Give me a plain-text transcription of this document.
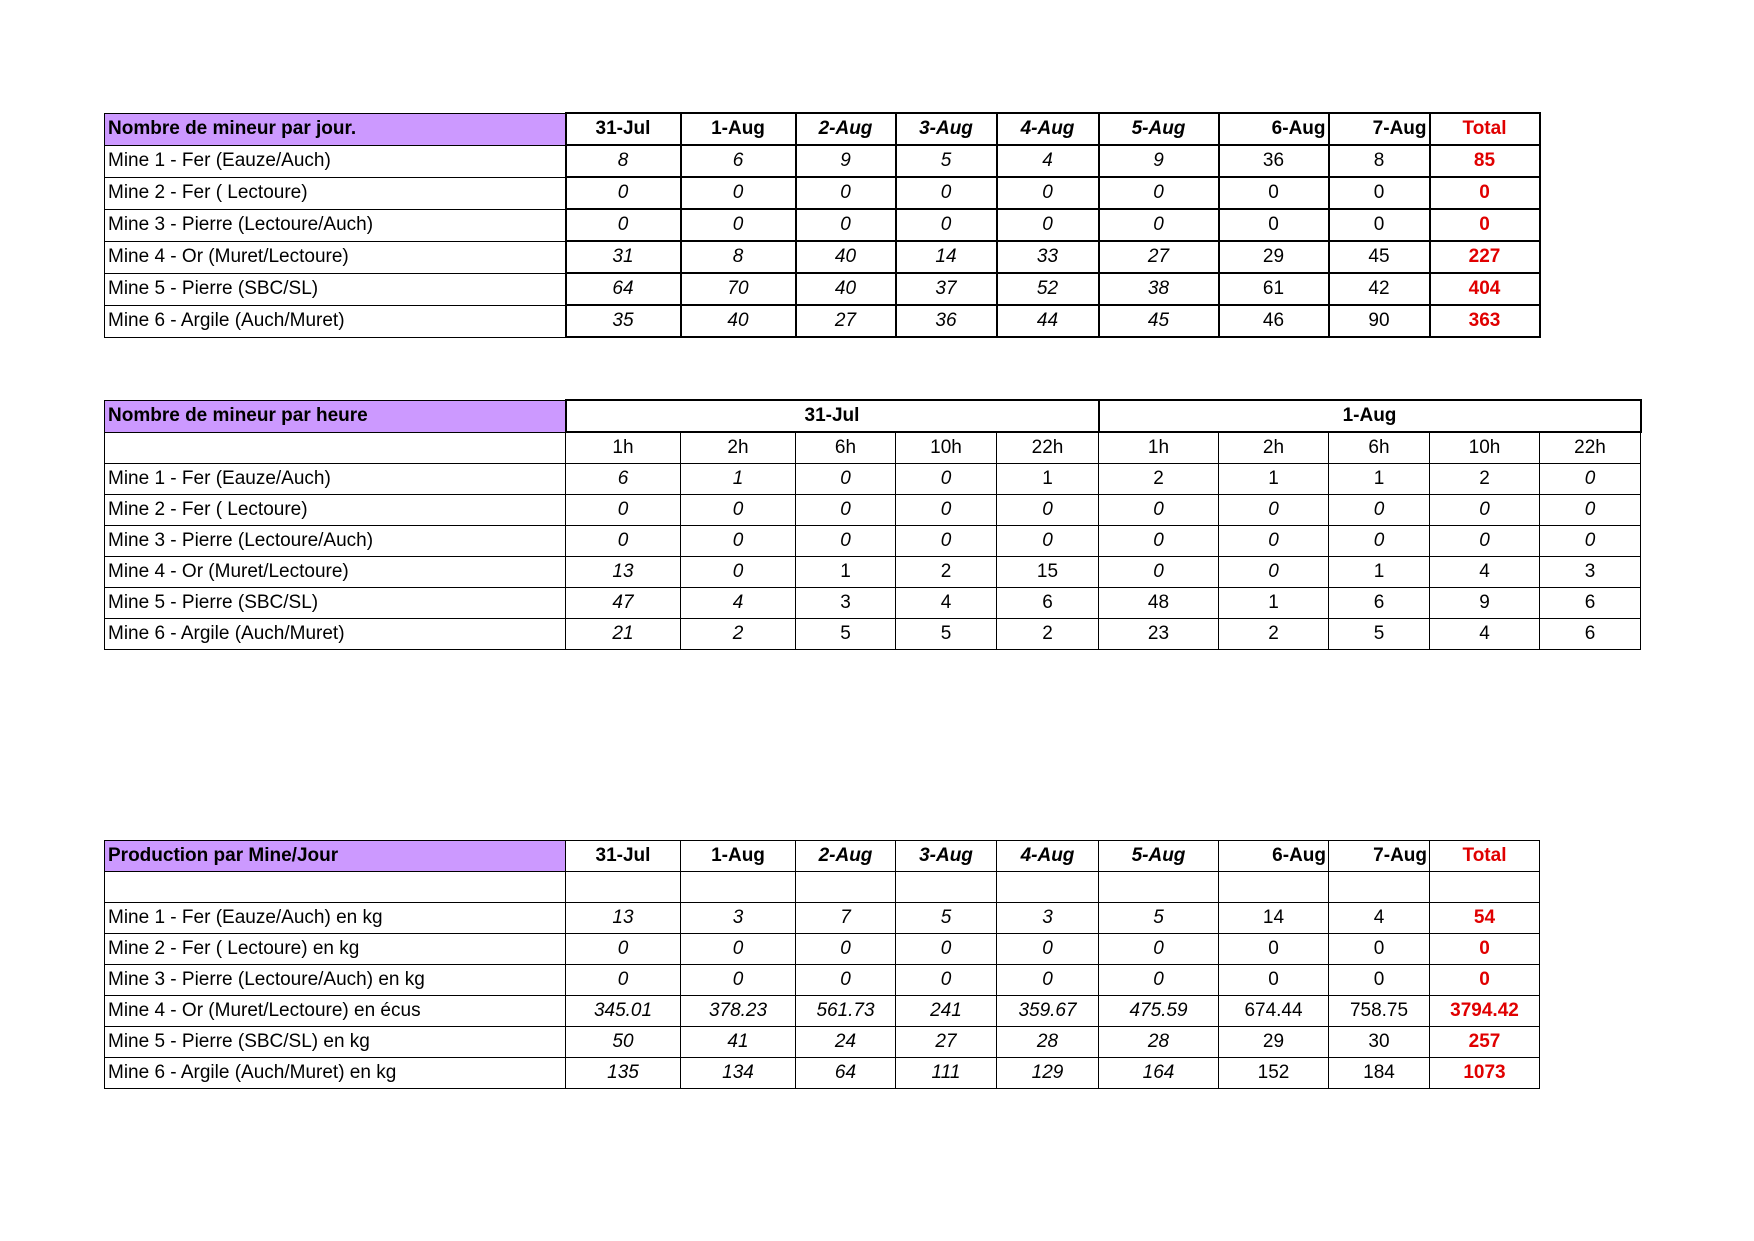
Nombre de mineur par jour.	31-Jul	1-Aug	2-Aug	3-Aug	4-Aug	5-Aug	6-Aug	7-Aug	Total
Mine 1 - Fer (Eauze/Auch)	8	6	9	5	4	9	36	8	85
Mine 2 - Fer ( Lectoure)	0	0	0	0	0	0	0	0	0
Mine 3 - Pierre (Lectoure/Auch)	0	0	0	0	0	0	0	0	0
Mine 4 - Or (Muret/Lectoure)	31	8	40	14	33	27	29	45	227
Mine 5 - Pierre (SBC/SL)	64	70	40	37	52	38	61	42	404
Mine 6 - Argile (Auch/Muret)	35	40	27	36	44	45	46	90	363
Nombre de mineur par heure	31-Jul					1-Aug				
	1h	2h	6h	10h	22h	1h	2h	6h	10h	22h
Mine 1 - Fer (Eauze/Auch)	6	1	0	0	1	2	1	1	2	0
Mine 2 - Fer ( Lectoure)	0	0	0	0	0	0	0	0	0	0
Mine 3 - Pierre (Lectoure/Auch)	0	0	0	0	0	0	0	0	0	0
Mine 4 - Or (Muret/Lectoure)	13	0	1	2	15	0	0	1	4	3
Mine 5 - Pierre (SBC/SL)	47	4	3	4	6	48	1	6	9	6
Mine 6 - Argile (Auch/Muret)	21	2	5	5	2	23	2	5	4	6
Production par Mine/Jour	31-Jul	1-Aug	2-Aug	3-Aug	4-Aug	5-Aug	6-Aug	7-Aug	Total

Mine 1 - Fer (Eauze/Auch) en kg	13	3	7	5	3	5	14	4	54
Mine 2 - Fer ( Lectoure) en kg	0	0	0	0	0	0	0	0	0
Mine 3 - Pierre (Lectoure/Auch) en kg	0	0	0	0	0	0	0	0	0
Mine 4 - Or (Muret/Lectoure) en écus	345.01	378.23	561.73	241	359.67	475.59	674.44	758.75	3794.42
Mine 5 - Pierre (SBC/SL) en kg	50	41	24	27	28	28	29	30	257
Mine 6 - Argile (Auch/Muret) en kg	135	134	64	111	129	164	152	184	1073
